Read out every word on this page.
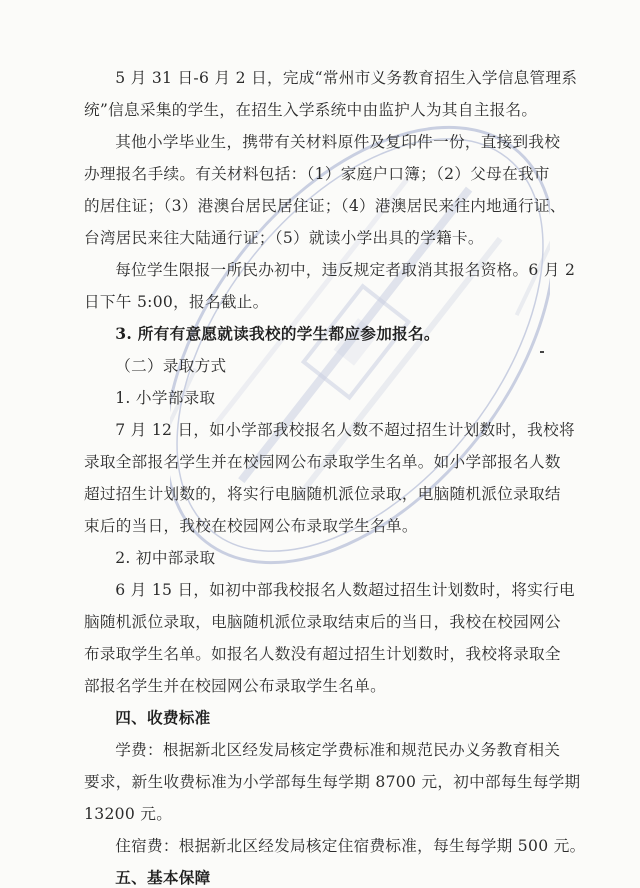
5 月 31 日-6 月 2 日，完成“常州市义务教育招生入学信息管理系
统”信息采集的学生，在招生入学系统中由监护人为其自主报名。
其他小学毕业生，携带有关材料原件及复印件一份，直接到我校
办理报名手续。有关材料包括：（1）家庭户口簿；（2）父母在我市
的居住证；（3）港澳台居民居住证；（4）港澳居民来往内地通行证、
台湾居民来往大陆通行证；（5）就读小学出具的学籍卡。
每位学生限报一所民办初中，违反规定者取消其报名资格。6 月 2
日下午 5:00，报名截止。
3. 所有有意愿就读我校的学生都应参加报名。
（二）录取方式
1. 小学部录取
7 月 12 日，如小学部我校报名人数不超过招生计划数时，我校将
录取全部报名学生并在校园网公布录取学生名单。如小学部报名人数
超过招生计划数的，将实行电脑随机派位录取，电脑随机派位录取结
束后的当日，我校在校园网公布录取学生名单。
2. 初中部录取
6 月 15 日，如初中部我校报名人数超过招生计划数时，将实行电
脑随机派位录取，电脑随机派位录取结束后的当日，我校在校园网公
布录取学生名单。如报名人数没有超过招生计划数时，我校将录取全
部报名学生并在校园网公布录取学生名单。
四、收费标准
学费：根据新北区经发局核定学费标准和规范民办义务教育相关
要求，新生收费标准为小学部每生每学期 8700 元，初中部每生每学期
13200 元。
住宿费：根据新北区经发局核定住宿费标准，每生每学期 500 元。
五、基本保障
